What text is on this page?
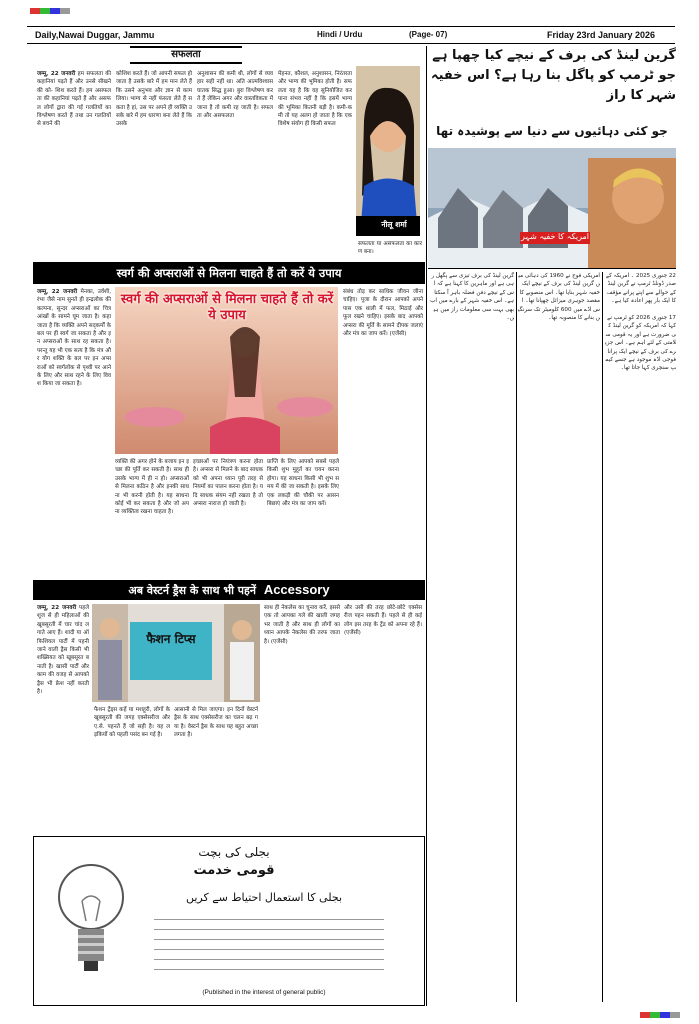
Daily,Nawai Duggar, Jammu	Hindi / Urdu	(Page- 07)	Friday 23rd January 2026
सफलता
जम्मू, 22 जनवरी हम सफलता की कहानियां पढ़ते हैं और उनसे सीखने की को- शिश करते हैं। हम असफलता की कहानियां पढ़ते हैं और असफल लोगों द्वारा की गई गलतियों का विश्लेषण करते हैं तथा उन गलतियों से बचने की
कोशिश करते हैं। जो आपनी सफल हो जाता है उसके बारे में हम मान लेते हैं कि उसने अनुभव और ज्ञान से काम लिया। भाग्य से नहीं फंसता लेते हैं सकता है हां, उस पर अपने ही व्यक्ति उसके बारे में हम धारणा बना लेते हैं कि उसके
अनुशासन की कमी थी, लोगों से व्यवहार सही नहीं था। अति आत्मविश्वास घातक सिद्ध हुआ। बुरा विश्लेषण करते हैं लेकिन अगर और वास्तविकता में जाना है तो कमी रह जाती है। सफलता और असफलता
मेहनत, कौशल, अनुशासन, निरंतरता और भाग्य की भूमिका होती है। सफलता यह है कि वह सुनियोजित कर पाना संभव नहीं है कि इसमें भाग्य की भूमिका कितनी बड़ी है। कमी-कमी तो यह अलग हो जाता है कि एक विशेष संयोग ही किसी सफल
नीलू शर्मा
सफलता या असफलता का कारण बना।
स्वर्ग की अप्सराओं से मिलना चाहते हैं तो करें ये उपाय
जम्मू, 22 जनवरी मेनका, उर्वशी, रंभा जैसे नाम सुनते ही इन्द्रलोक की कल्पना, सुन्दर अप्सराओं का चित्र आंखों के सामने घूम जाता है। कहा जाता है कि व्यक्ति अपने सद्‌कर्मों के बल पर ही स्वर्ग जा सकता है और इन अप्सराओं के साथ रह सकता है। परन्तु यह भी एक सत्य है कि मंत्र और योग शक्ति के बल पर इन अप्सराओं को स्वर्गलोक से पृथ्वी पर आने के लिए और साथ रहने के लिए विवश किया जा सकता है।
स्वर्ग की अप्सराओं से मिलना चाहते हैं तो करें ये उपाय
व्यक्ति की अगर होने के बजाय इन इच्छा की पूर्ति कर सकती है। साथ ही उसके भाग्य में ही न हो। अप्सराओं से मिलना कठिन है और इनकी साधना भी करनी होती है। यह साधना कोई भी कर सकता है और जो अपना व्यक्तित्व रखना चाहता है।
इच्छाओं पर नियंत्रण करना होता है। अप्सरा से मिलने के बाद साधक को भी अपना ध्यान पूरी तरह से नियमों का पालन करना होता है। यदि साधक संयम नहीं रखता है तो अप्सरा नाराज हो जाती है।
प्राप्ति के लिए आपको सबसे पहले किसी शुभ मुहूर्त का चयन करना होगा। यह साधना किसी भी शुभ समय में की जा सकती है। इसके लिए एक लकड़ी की चौकी पर आसन बिछाएं और मंत्र का जाप करें।
संबंध तोड़ कर साधिक जीवन जीना चाहिए। पूजा के दौरान आपको अपने पास एक थाली में फल, मिठाई और फूल रखने चाहिए। इसके बाद आपको अप्सरा की मूर्ति के सामने दीपक जलाएं और मंत्र का जाप करें। (एजेंसी)
अब वेस्टर्न ड्रैस के साथ भी पहनें Accessory
जम्मू, 22 जनवरी पहले शूज से ही महिलाओं की खूबसूरती में चार चांद लगाते आए हैं। शादी या ऑफिशियल पार्टी में पहनी जाने वाली ड्रैस किसी भी शख्सियत को खूबसूरत बनाती है। खासी पार्टी और काम की वजह से आपको ड्रैस भी फ्रेश नहीं करती है।
फैशन टिप्स
फैशन ट्रेंड्स कहें या मशहूरी, लोगों के खूबसूरती की जगह एक्सेसरीज और ए.से. पहनते हैं जो सही है। यह लड़कियों को पहली पसंद बन गई है।
आसानी से मिल जाएगा। इन दिनों वेस्टर्न ड्रैस के साथ एक्सेसरीज का चलन बढ़ गया है। वेस्टर्न ड्रैस के साथ यह बहुत अच्छा लगता है।
साथ ही नेकलेस का चुनाव करें, इससे एक तो आपका गले की खाली जगह भर जाती है और साथ ही लोगों का ध्यान आपके नेकलेस की तरफ जाता है। (एजेंसी)
और उसी की तरह छोटे-छोटे एक्सेसरीज पहन सकती हैं। पहले से ही कई लोग इस तरह के ट्रेंड को अपना रहे हैं। (एजेंसी)
بجلی کی بچت
قومی خدمت
بجلی کا استعمال احتیاط سے کریں
(Published in the interest of general public)
گرین لینڈ کی برف کے نیچے کیا چھپا ہے جو ٹرمپ کو پاگل بنا رہا ہے؟ اس خفیہ شہر کا راز
جو کئی دہائیوں سے دنیا سے پوشیدہ تھا
امریکہ کا خفیہ شہر
22 جنوری 2025 ۔ امریکہ کے صدر ڈونلڈ ٹرمپ نے گرین لینڈ کے حوالے سے اپنے پرانے مؤقف کا ایک بار پھر اعادہ کیا ہے۔

17 جنوری 2026 کو ٹرمپ نے کہا کہ امریکہ کو گرین لینڈ کی ضرورت ہے اور یہ قومی سلامتی کے لئے اہم ہے۔ اس جزیرے کی برف کے نیچے ایک پرانا فوجی اڈہ موجود ہے جسے کیمپ سنچری کہا جاتا تھا۔
امریکی فوج نے 1960 کی دہائی میں گرین لینڈ کی برف کے نیچے ایک خفیہ شہر بنایا تھا۔ اس منصوبے کا مقصد جوہری میزائل چھپانا تھا۔ اس اڈے میں 600 کلومیٹر تک سرنگیں بنانے کا منصوبہ تھا۔
گرین لینڈ کی برف تیزی سے پگھل رہی ہے اور ماہرین کا کہنا ہے کہ اس کے نیچے دفن فضلہ باہر آ سکتا ہے۔ اس خفیہ شہر کے بارے میں اب بھی بہت سی معلومات راز میں ہیں۔
